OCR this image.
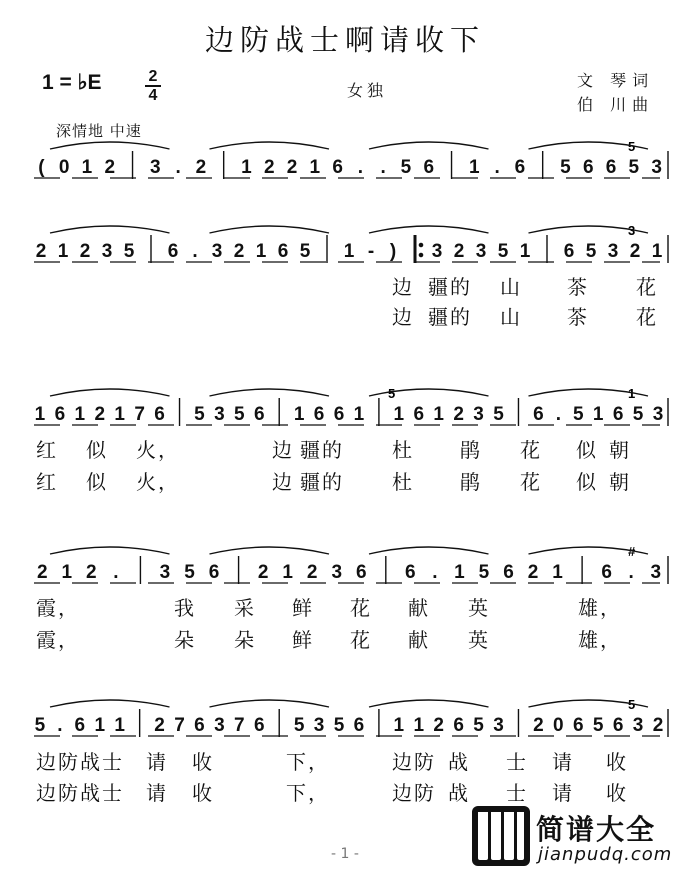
边防战士啊请收下
1 = ♭E	2
4	女独
文 琴词
伯 川曲
深情地 中速
( 0 1 2 3 . 2 1 2 2 1 6 . . 5 6 1 . 6 5 6 6 5 3
5
2 1 2 3 5 6 . 3 2 1 6 5 1 - ) 3 2 3 5 1 6 5 3 2 1
3
1 6 1 2 1 7 6 5 3 5 6 1 6 6 1 1 6 1 2 3 5 6 . 5 1 6 5 3
1
5
2 1 2 . 3 5 6 2 1 2 3 6 6 . 1 5 6 2 1 6 . 3
#
5 . 6 1 1 2 7 6 3 7 6 5 3 5 6 1 1 2 6 5 3 2 0 6 5 6 3 2
5
边 疆的 山 茶 花
边 疆的 山 茶 花
红 似 火，	边 疆的 杜 鹃 花 似 朝
红 似 火，	边 疆的 杜 鹃 花 似 朝
霞，	我 采 鲜 花 献 英	雄，
霞，	朵 朵 鲜 花 献 英	雄，
边防战士 请 收	下，	边防 战 士 请 收
边防战士 请 收	下，	边防 战 士 请 收
- 1 -
简谱大全
jianpudq.com
